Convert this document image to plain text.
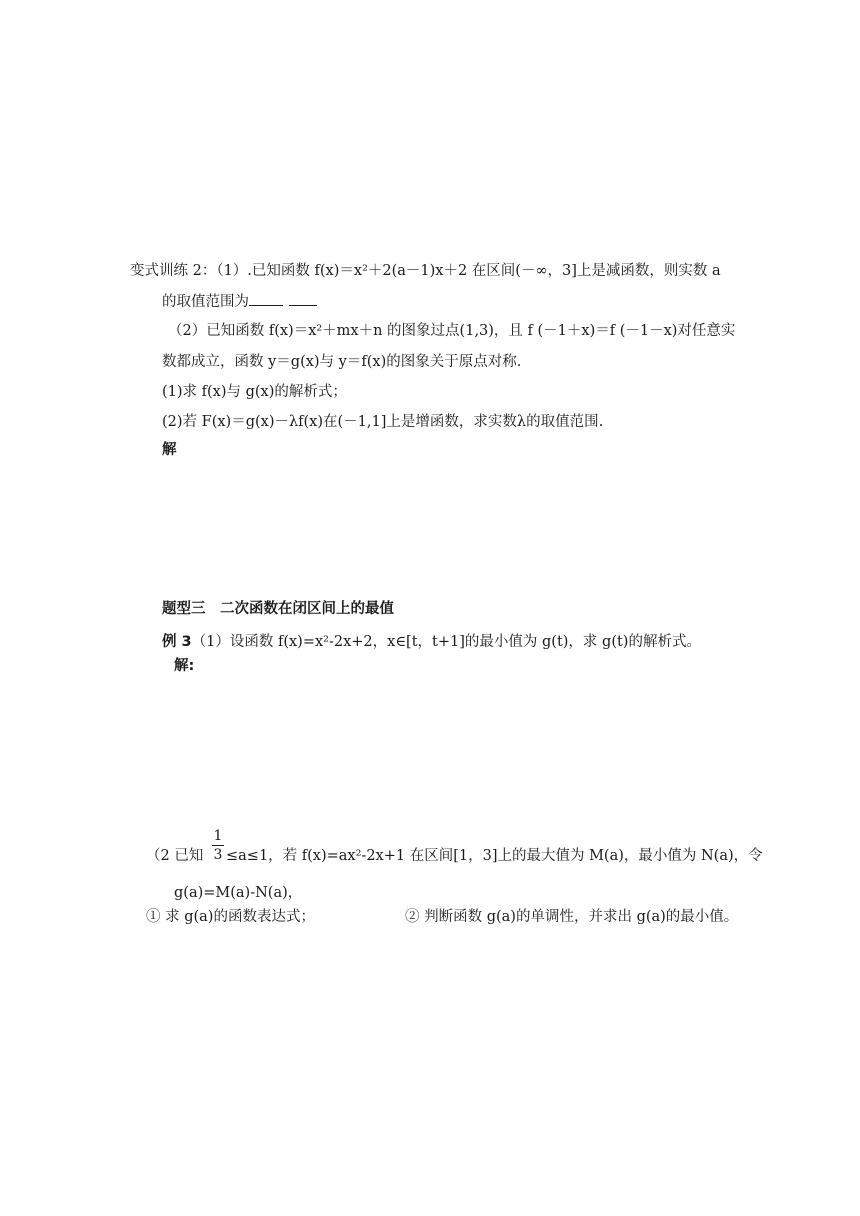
变式训练 2：（1）.已知函数 f(x)＝x²＋2(a－1)x＋2 在区间(－∞，3]上是减函数，则实数 a
的取值范围为
（2）已知函数 f(x)＝x²＋mx＋n 的图象过点(1,3)，且 f (－1＋x)＝f (－1－x)对任意实
数都成立，函数 y＝g(x)与 y＝f(x)的图象关于原点对称.
(1)求 f(x)与 g(x)的解析式；
(2)若 F(x)＝g(x)－λf(x)在(－1,1]上是增函数，求实数λ的取值范围.
解
题型三　二次函数在闭区间上的最值
例 3（1）设函数 f(x)=x²-2x+2，x∈[t，t+1]的最小值为 g(t)，求 g(t)的解析式。
解:
（2 已知
1
3 ≤a≤1，若 f(x)=ax²-2x+1 在区间[1，3]上的最大值为 M(a)，最小值为 N(a)，令
g(a)=M(a)-N(a)，
① 求 g(a)的函数表达式；	② 判断函数 g(a)的单调性，并求出 g(a)的最小值。
